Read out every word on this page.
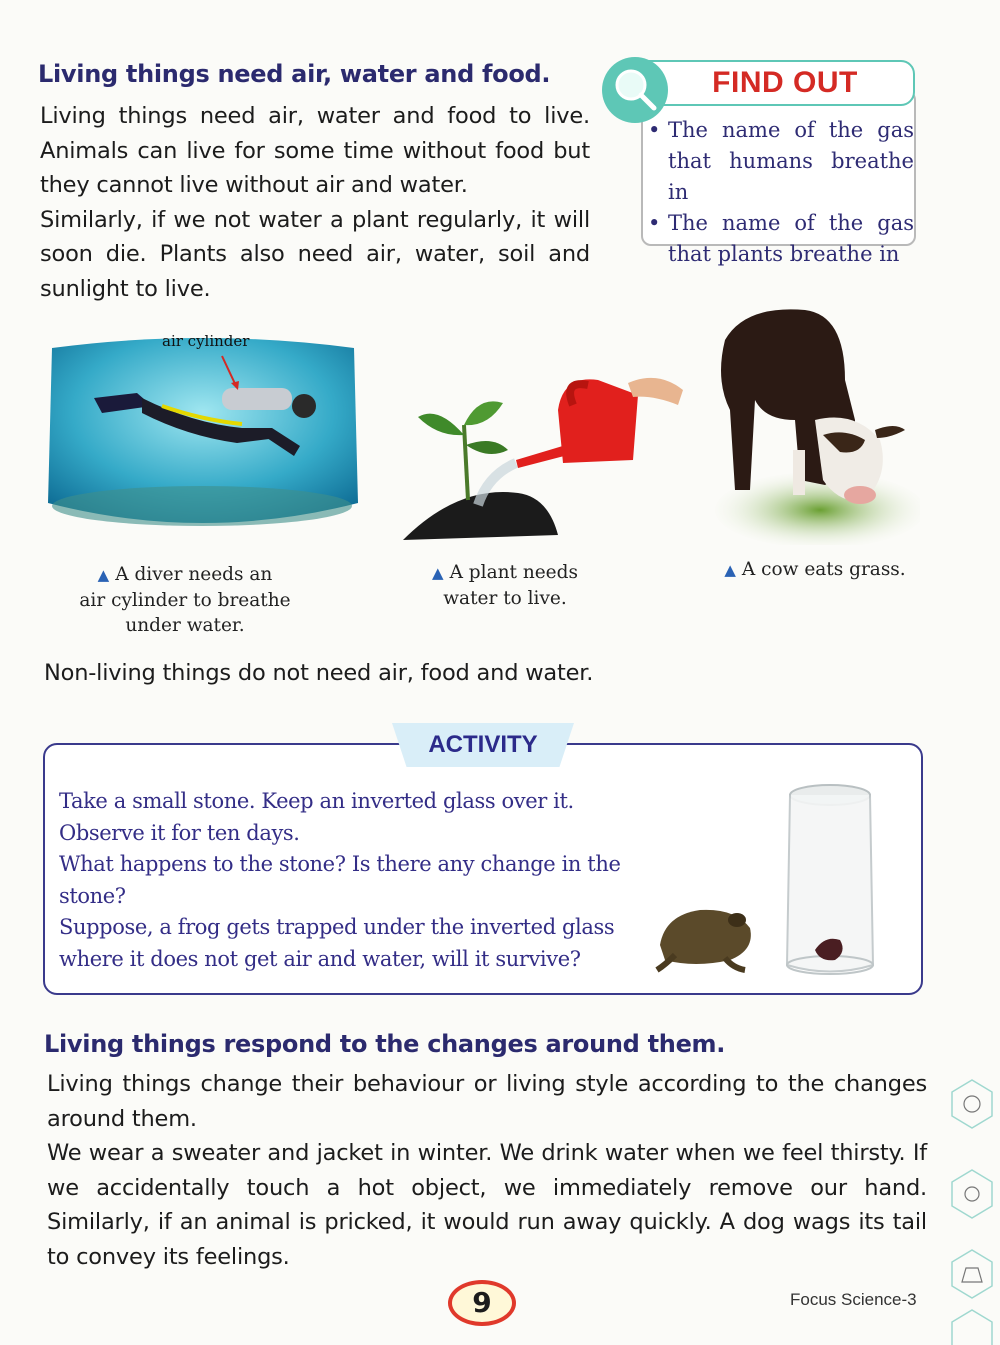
Living things need air, water and food.

Living things need air, water and food to live. Animals can live for some time without food but they cannot live without air and water.

Similarly, if we not water a plant regularly, it will soon die. Plants also need air, water, soil and sunlight to live.

FIND OUT
• The name of the gas that humans breathe in
• The name of the gas that plants breathe in
air cylinder
▲ A diver needs an
air cylinder to breathe
under water.
▲ A plant needs
water to live.
▲ A cow eats grass.
Non-living things do not need air, food and water.
ACTIVITY

Take a small stone. Keep an inverted glass over it.

Observe it for ten days.

What happens to the stone? Is there any change in the stone?

Suppose, a frog gets trapped under the inverted glass where it does not get air and water, will it survive?

Living things respond to the changes around them.

Living things change their behaviour or living style according to the changes around them.

We wear a sweater and jacket in winter. We drink water when we feel thirsty. If we accidentally touch a hot object, we immediately remove our hand. Similarly, if an animal is pricked, it would run away quickly. A dog wags its tail to convey its feelings.

9	Focus Science-3
